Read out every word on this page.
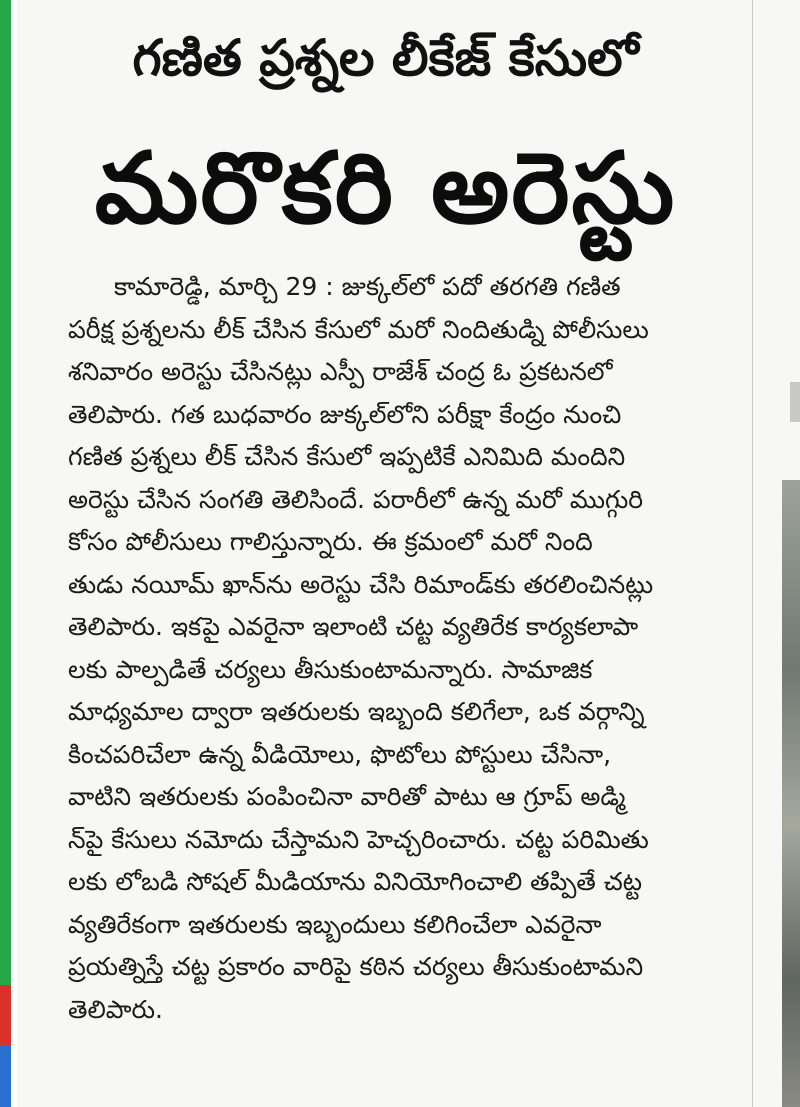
గణిత ప్రశ్నల లీకేజ్ కేసులో
మరొకరి అరెస్టు
కామారెడ్డి, మార్చి 29 : జుక్కల్‌లో పదో తరగతి గణిత
పరీక్ష ప్రశ్నలను లీక్ చేసిన కేసులో మరో నిందితుడ్ని పోలీసులు
శనివారం అరెస్టు చేసినట్లు ఎస్పీ రాజేశ్ చంద్ర ఓ ప్రకటనలో
తెలిపారు. గత బుధవారం జుక్కల్‌లోని పరీక్షా కేంద్రం నుంచి
గణిత ప్రశ్నలు లీక్ చేసిన కేసులో ఇప్పటికే ఎనిమిది మందిని
అరెస్టు చేసిన సంగతి తెలిసిందే. పరారీలో ఉన్న మరో ముగ్గురి
కోసం పోలీసులు గాలిస్తున్నారు. ఈ క్రమంలో మరో నింది
తుడు నయీమ్ ఖాన్‌ను అరెస్టు చేసి రిమాండ్‌కు తరలించినట్లు
తెలిపారు. ఇకపై ఎవరైనా ఇలాంటి చట్ట వ్యతిరేక కార్యకలాపా
లకు పాల్పడితే చర్యలు తీసుకుంటామన్నారు. సామాజిక
మాధ్యమాల ద్వారా ఇతరులకు ఇబ్బంది కలిగేలా, ఒక వర్గాన్ని
కించపరిచేలా ఉన్న వీడియోలు, ఫొటోలు పోస్టులు చేసినా,
వాటిని ఇతరులకు పంపించినా వారితో పాటు ఆ గ్రూప్ అడ్మి
న్‌పై కేసులు నమోదు చేస్తామని హెచ్చరించారు. చట్ట పరిమితు
లకు లోబడి సోషల్ మీడియాను వినియోగించాలి తప్పితే చట్ట
వ్యతిరేకంగా ఇతరులకు ఇబ్బందులు కలిగించేలా ఎవరైనా
ప్రయత్నిస్తే చట్ట ప్రకారం వారిపై కఠిన చర్యలు తీసుకుంటామని
తెలిపారు.
